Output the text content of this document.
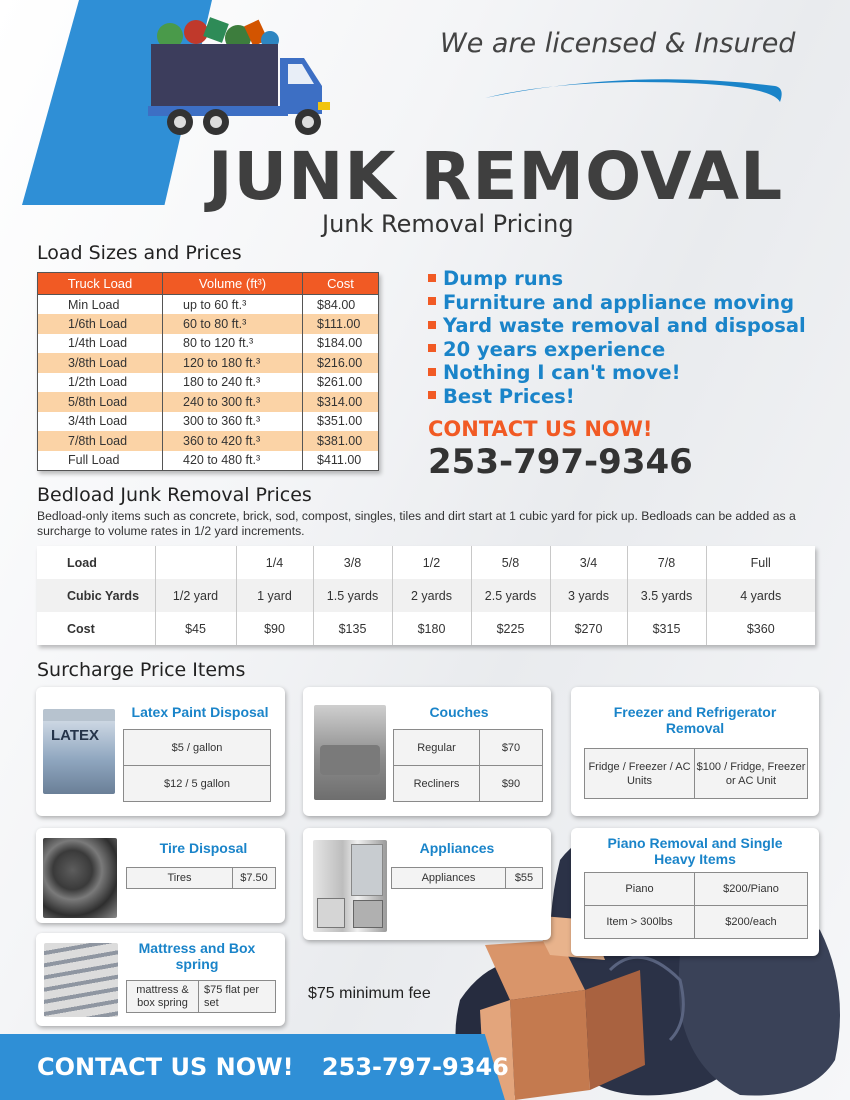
We are licensed & Insured
JUNK REMOVAL
Junk Removal Pricing
Load Sizes and Prices
Truck Load	Volume (ft³)	Cost
Min Load	up to 60 ft.³	$84.00
1/6th Load	60 to 80 ft.³	$111.00
1/4th Load	80 to 120 ft.³	$184.00
3/8th Load	120 to 180 ft.³	$216.00
1/2th Load	180 to 240 ft.³	$261.00
5/8th Load	240 to 300 ft.³	$314.00
3/4th Load	300 to 360 ft.³	$351.00
7/8th Load	360 to 420 ft.³	$381.00
Full Load	420 to 480 ft.³	$411.00
Dump runs
Furniture and appliance moving
Yard waste removal and disposal
20 years experience
Nothing I can't move!
Best Prices!
CONTACT US NOW!
253-797-9346
Bedload Junk Removal Prices
Bedload-only items such as concrete, brick, sod, compost, singles, tiles and dirt start at 1 cubic yard for pick up. Bedloads can be added as a surcharge to volume rates in 1/2 yard increments.
Load		1/4	3/8	1/2	5/8	3/4	7/8	Full
Cubic Yards	1/2 yard	1 yard	1.5 yards	2 yards	2.5 yards	3 yards	3.5 yards	4 yards
Cost	$45	$90	$135	$180	$225	$270	$315	$360
Surcharge Price Items
LATEX
Latex Paint Disposal
$5 / gallon
$12 / 5 gallon
Couches
Regular	$70
Recliners	$90
Freezer and Refrigerator Removal
Fridge / Freezer / AC Units	$100 / Fridge, Freezer or AC Unit
Tire Disposal
Tires	$7.50
Appliances
Appliances	$55
Piano Removal and Single Heavy Items
Piano	$200/Piano
Item > 300lbs	$200/each
Mattress and Box spring
mattress & box spring	$75 flat per set
$75 minimum fee
CONTACT US NOW! 253-797-9346
